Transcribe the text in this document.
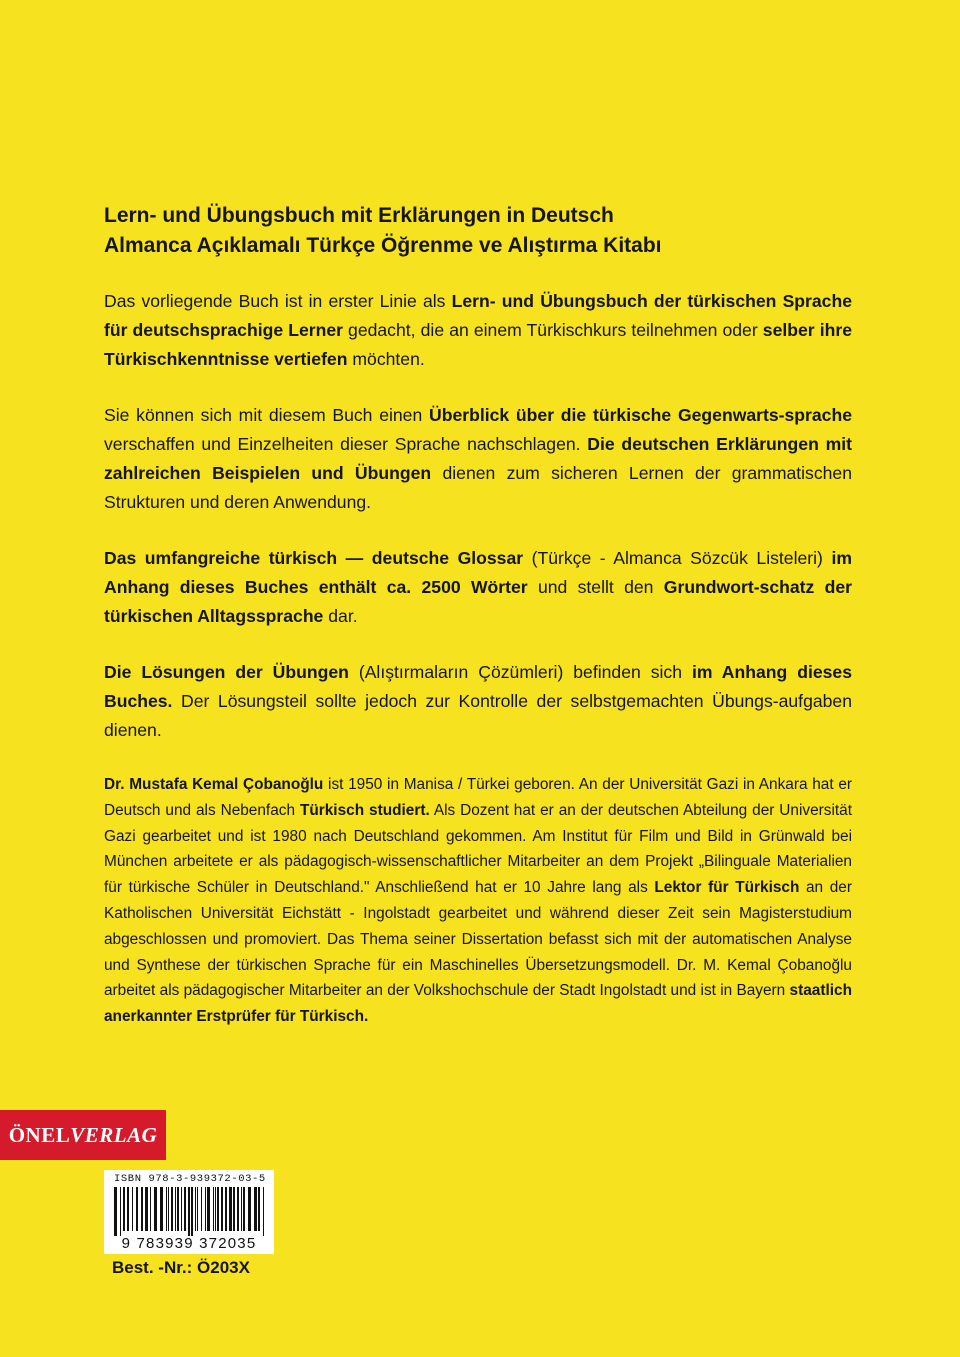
Lern- und Übungsbuch mit Erklärungen in Deutsch
Almanca Açıklamalı Türkçe Öğrenme ve Alıştırma Kitabı
Das vorliegende Buch ist in erster Linie als Lern- und Übungsbuch der türkischen Sprache für deutschsprachige Lerner gedacht, die an einem Türkischkurs teilnehmen oder selber ihre Türkischkenntnisse vertiefen möchten.
Sie können sich mit diesem Buch einen Überblick über die türkische Gegenwarts-sprache verschaffen und Einzelheiten dieser Sprache nachschlagen. Die deutschen Erklärungen mit zahlreichen Beispielen und Übungen dienen zum sicheren Lernen der grammatischen Strukturen und deren Anwendung.
Das umfangreiche türkisch — deutsche Glossar (Türkçe - Almanca Sözcük Listeleri) im Anhang dieses Buches enthält ca. 2500 Wörter und stellt den Grundwort-schatz der türkischen Alltagssprache dar.
Die Lösungen der Übungen (Alıştırmaların Çözümleri) befinden sich im Anhang dieses Buches. Der Lösungsteil sollte jedoch zur Kontrolle der selbstgemachten Übungs-aufgaben dienen.
Dr. Mustafa Kemal Çobanoğlu ist 1950 in Manisa / Türkei geboren. An der Universität Gazi in Ankara hat er Deutsch und als Nebenfach Türkisch studiert. Als Dozent hat er an der deutschen Abteilung der Universität Gazi gearbeitet und ist 1980 nach Deutschland gekommen. Am Institut für Film und Bild in Grünwald bei München arbeitete er als pädagogisch-wissenschaftlicher Mitarbeiter an dem Projekt „Bilinguale Materialien für türkische Schüler in Deutschland." Anschließend hat er 10 Jahre lang als Lektor für Türkisch an der Katholischen Universität Eichstätt - Ingolstadt gearbeitet und während dieser Zeit sein Magisterstudium abgeschlossen und promoviert. Das Thema seiner Dissertation befasst sich mit der automatischen Analyse und Synthese der türkischen Sprache für ein Maschinelles Übersetzungsmodell. Dr. M. Kemal Çobanoğlu arbeitet als pädagogischer Mitarbeiter an der Volkshochschule der Stadt Ingolstadt und ist in Bayern staatlich anerkannter Erstprüfer für Türkisch.
ÖNEL VERLAG
ISBN 978-3-939372-03-5
9 783939 372035
Best. -Nr.: Ö203X
